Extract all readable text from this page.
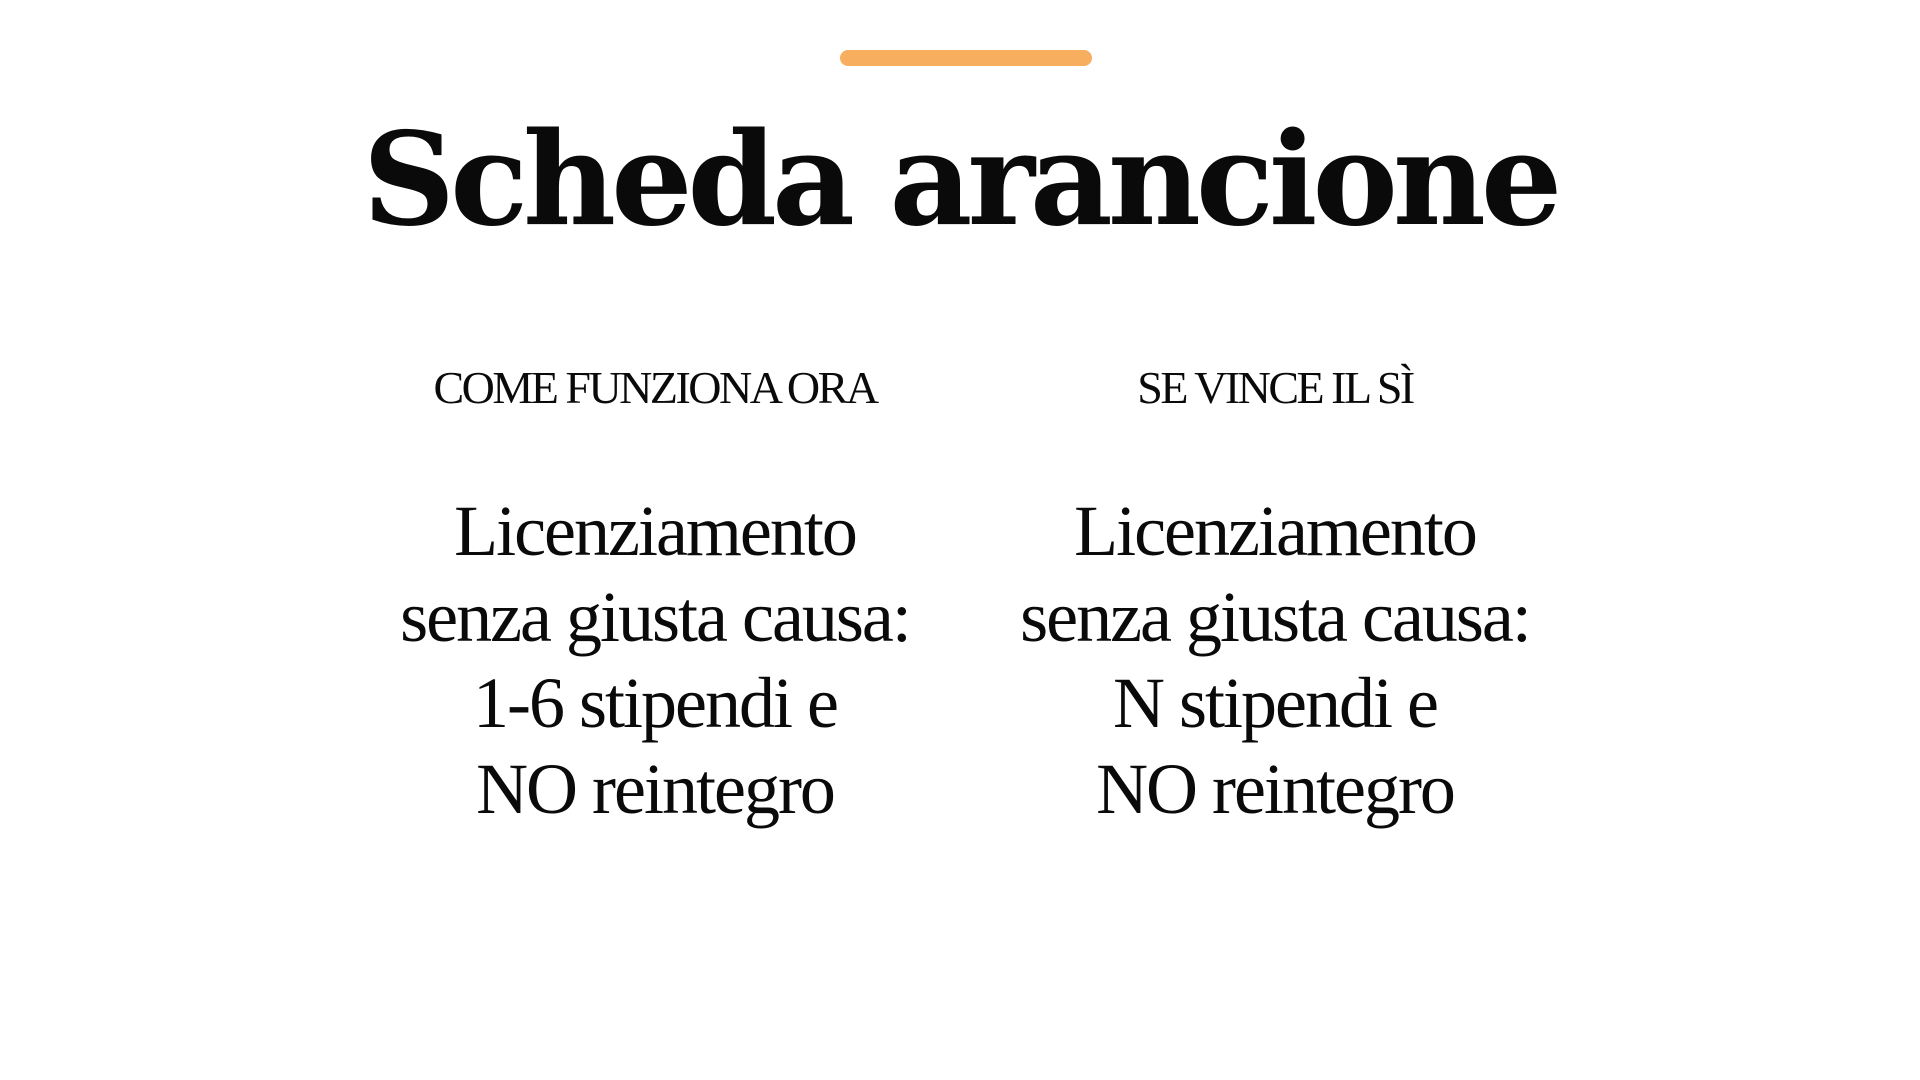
Scheda arancione

COME FUNZIONA ORA

Licenziamento
senza giusta causa:
1-6 stipendi e
NO reintegro

SE VINCE IL SÌ

Licenziamento
senza giusta causa:
N stipendi e
NO reintegro
